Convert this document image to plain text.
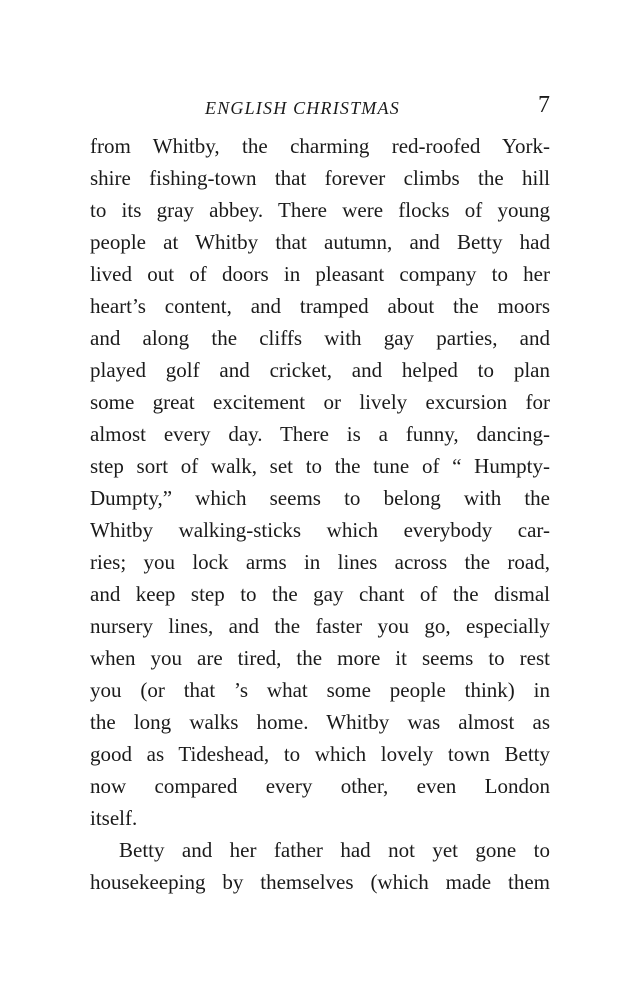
ENGLISH CHRISTMAS	7
from Whitby, the charming red-roofed York-
shire fishing-town that forever climbs the hill
to its gray abbey. There were flocks of young
people at Whitby that autumn, and Betty had
lived out of doors in pleasant company to her
heart’s content, and tramped about the moors
and along the cliffs with gay parties, and
played golf and cricket, and helped to plan
some great excitement or lively excursion for
almost every day. There is a funny, dancing-
step sort of walk, set to the tune of “ Humpty-
Dumpty,” which seems to belong with the
Whitby walking-sticks which everybody car-
ries; you lock arms in lines across the road,
and keep step to the gay chant of the dismal
nursery lines, and the faster you go, especially
when you are tired, the more it seems to rest
you (or that ’s what some people think) in
the long walks home. Whitby was almost as
good as Tideshead, to which lovely town Betty
now compared every other, even London
itself.
Betty and her father had not yet gone to
housekeeping by themselves (which made them
